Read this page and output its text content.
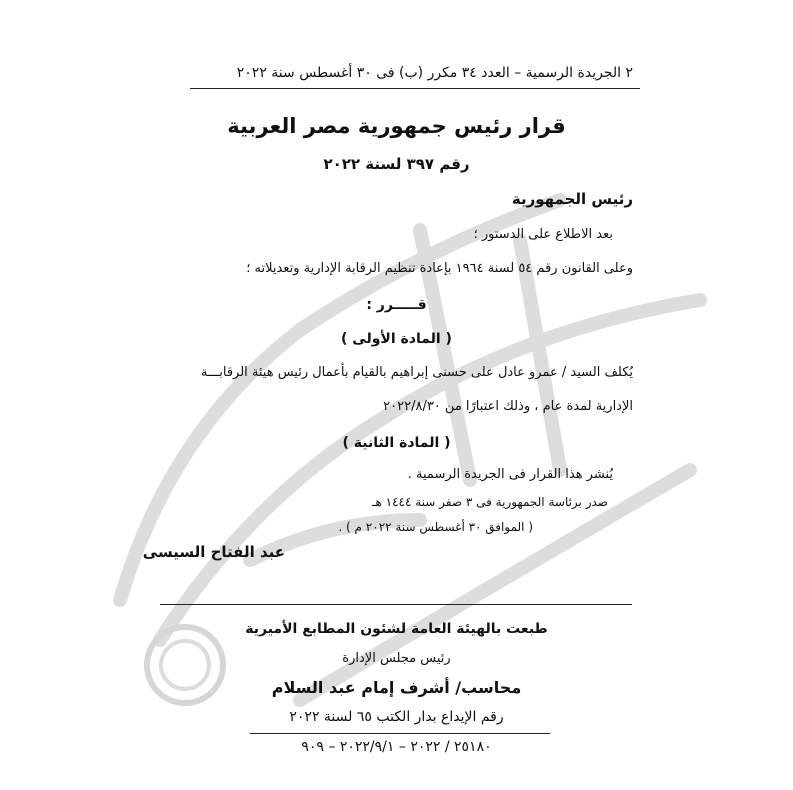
٢ الجريدة الرسمية – العدد ٣٤ مكرر (ب) فى ٣٠ أغسطس سنة ٢٠٢٢
قرار رئيس جمهورية مصر العربية
رقم ٣٩٧ لسنة ٢٠٢٢
رئيس الجمهورية
بعد الاطلاع على الدستور ؛
وعلى القانون رقم ٥٤ لسنة ١٩٦٤ بإعادة تنظيم الرقابة الإدارية وتعديلاته ؛
قـــــرر :
( المادة الأولى )
يُكلف السيد / عمرو عادل على حسنى إبراهيم بالقيام بأعمال رئيس هيئة الرقابـــة
الإدارية لمدة عام ، وذلك اعتبارًا من ٢٠٢٢/٨/٣٠
( المادة الثانية )
يُنشر هذا القرار فى الجريدة الرسمية .
صدر برئاسة الجمهورية فى ٣ صفر سنة ١٤٤٤ هـ
( الموافق ٣٠ أغسطس سنة ٢٠٢٢ م ) .
عبد الفتاح السيسى
طبعت بالهيئة العامة لشئون المطابع الأميرية
رئيس مجلس الإدارة
محاسب/ أشرف إمام عبد السلام
رقم الإيداع بدار الكتب ٦٥ لسنة ٢٠٢٢
٢٥١٨٠ / ٢٠٢٢ – ٢٠٢٢/٩/١ – ٩٠٩
